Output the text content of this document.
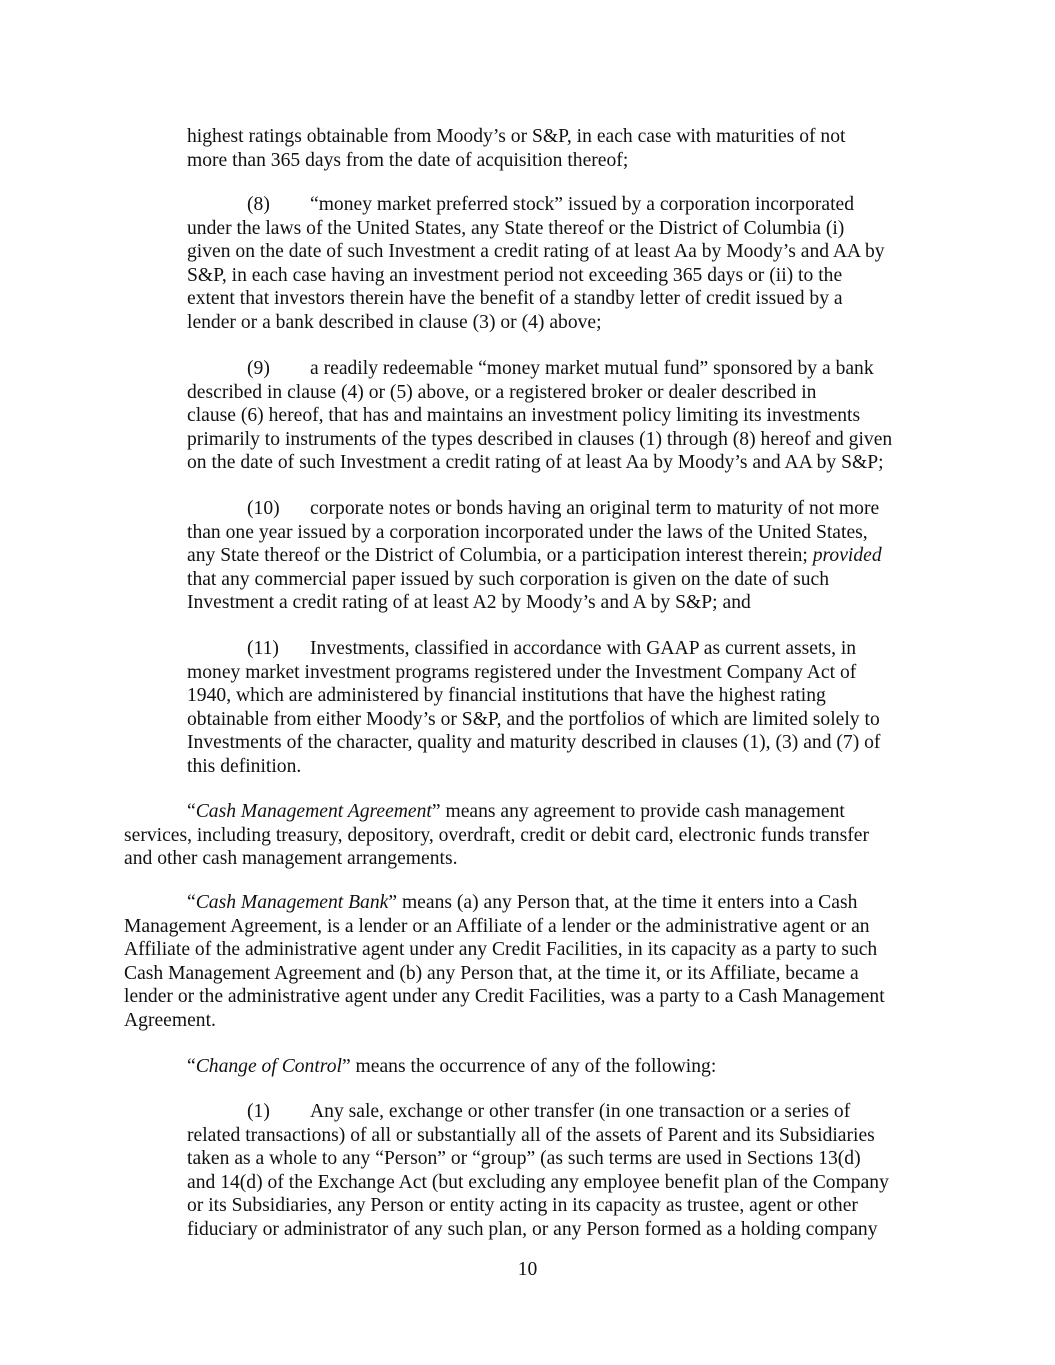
highest ratings obtainable from Moody’s or S&P, in each case with maturities of not
more than 365 days from the date of acquisition thereof;
(8) “money market preferred stock” issued by a corporation incorporated
under the laws of the United States, any State thereof or the District of Columbia (i)
given on the date of such Investment a credit rating of at least Aa by Moody’s and AA by
S&P, in each case having an investment period not exceeding 365 days or (ii) to the
extent that investors therein have the benefit of a standby letter of credit issued by a
lender or a bank described in clause (3) or (4) above;
(9) a readily redeemable “money market mutual fund” sponsored by a bank
described in clause (4) or (5) above, or a registered broker or dealer described in
clause (6) hereof, that has and maintains an investment policy limiting its investments
primarily to instruments of the types described in clauses (1) through (8) hereof and given
on the date of such Investment a credit rating of at least Aa by Moody’s and AA by S&P;
(10) corporate notes or bonds having an original term to maturity of not more
than one year issued by a corporation incorporated under the laws of the United States,
any State thereof or the District of Columbia, or a participation interest therein; provided
that any commercial paper issued by such corporation is given on the date of such
Investment a credit rating of at least A2 by Moody’s and A by S&P; and
(11) Investments, classified in accordance with GAAP as current assets, in
money market investment programs registered under the Investment Company Act of
1940, which are administered by financial institutions that have the highest rating
obtainable from either Moody’s or S&P, and the portfolios of which are limited solely to
Investments of the character, quality and maturity described in clauses (1), (3) and (7) of
this definition.
“Cash Management Agreement” means any agreement to provide cash management
services, including treasury, depository, overdraft, credit or debit card, electronic funds transfer
and other cash management arrangements.
“Cash Management Bank” means (a) any Person that, at the time it enters into a Cash
Management Agreement, is a lender or an Affiliate of a lender or the administrative agent or an
Affiliate of the administrative agent under any Credit Facilities, in its capacity as a party to such
Cash Management Agreement and (b) any Person that, at the time it, or its Affiliate, became a
lender or the administrative agent under any Credit Facilities, was a party to a Cash Management
Agreement.
“Change of Control” means the occurrence of any of the following:
(1) Any sale, exchange or other transfer (in one transaction or a series of
related transactions) of all or substantially all of the assets of Parent and its Subsidiaries
taken as a whole to any “Person” or “group” (as such terms are used in Sections 13(d)
and 14(d) of the Exchange Act (but excluding any employee benefit plan of the Company
or its Subsidiaries, any Person or entity acting in its capacity as trustee, agent or other
fiduciary or administrator of any such plan, or any Person formed as a holding company
10
